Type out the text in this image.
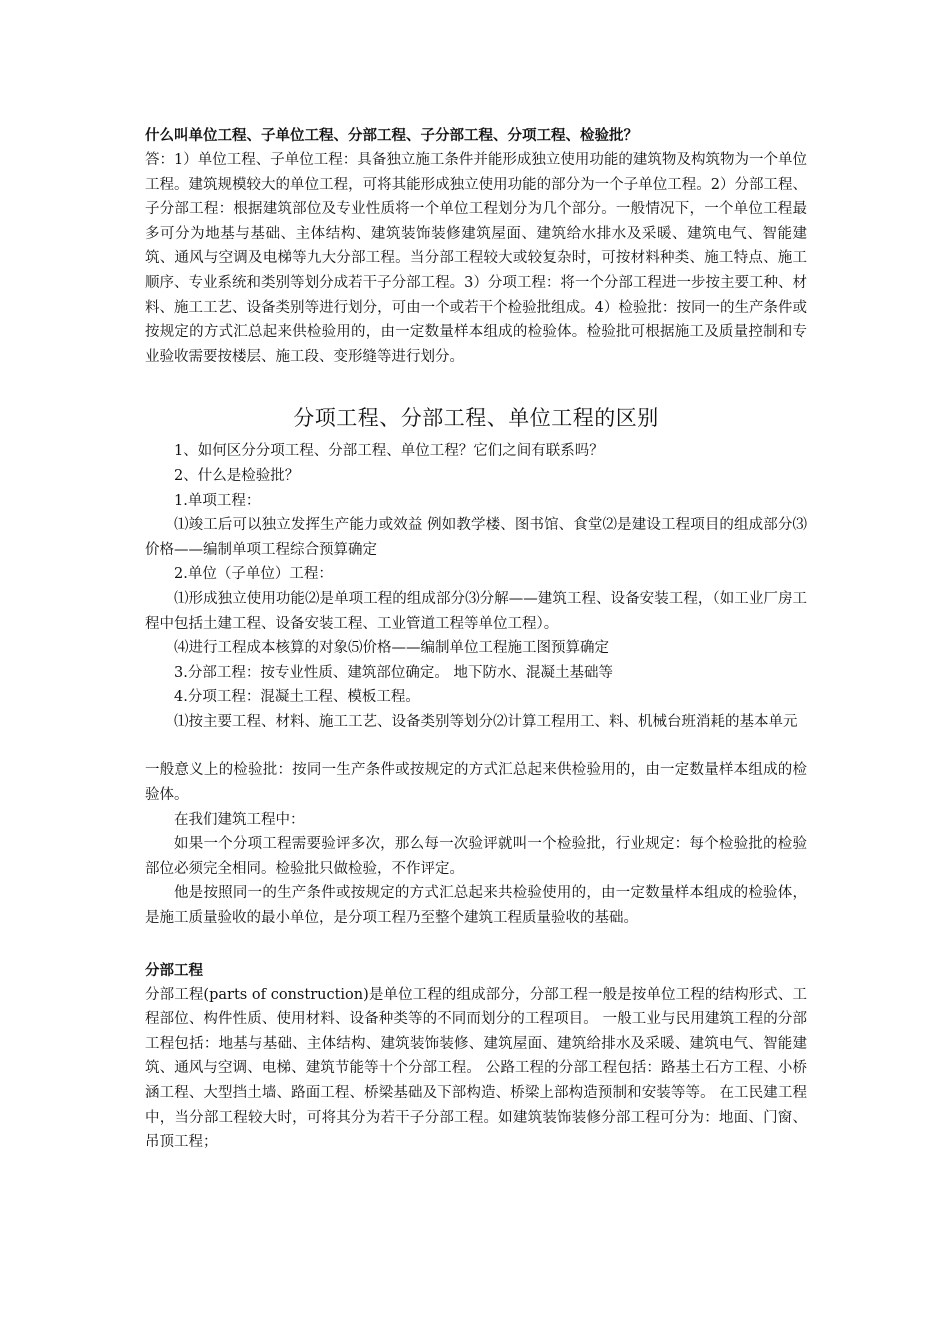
什么叫单位工程、子单位工程、分部工程、子分部工程、分项工程、检验批？

答：1）单位工程、子单位工程：具备独立施工条件并能形成独立使用功能的建筑物及构筑物为一个单位工程。建筑规模较大的单位工程，可将其能形成独立使用功能的部分为一个子单位工程。2）分部工程、子分部工程：根据建筑部位及专业性质将一个单位工程划分为几个部分。一般情况下，一个单位工程最多可分为地基与基础、主体结构、建筑装饰装修建筑屋面、建筑给水排水及采暖、建筑电气、智能建筑、通风与空调及电梯等九大分部工程。当分部工程较大或较复杂时，可按材料种类、施工特点、施工顺序、专业系统和类别等划分成若干子分部工程。3）分项工程：将一个分部工程进一步按主要工种、材料、施工工艺、设备类别等进行划分，可由一个或若干个检验批组成。4）检验批：按同一的生产条件或按规定的方式汇总起来供检验用的，由一定数量样本组成的检验体。检验批可根据施工及质量控制和专业验收需要按楼层、施工段、变形缝等进行划分。

分项工程、分部工程、单位工程的区别

1、如何区分分项工程、分部工程、单位工程？它们之间有联系吗？

2、什么是检验批？

1.单项工程：

⑴竣工后可以独立发挥生产能力或效益 例如教学楼、图书馆、食堂⑵是建设工程项目的组成部分⑶价格——编制单项工程综合预算确定

2.单位（子单位）工程：

⑴形成独立使用功能⑵是单项工程的组成部分⑶分解——建筑工程、设备安装工程，（如工业厂房工程中包括土建工程、设备安装工程、工业管道工程等单位工程）。

⑷进行工程成本核算的对象⑸价格——编制单位工程施工图预算确定

3.分部工程：按专业性质、建筑部位确定。 地下防水、混凝土基础等

4.分项工程：混凝土工程、模板工程。

⑴按主要工程、材料、施工工艺、设备类别等划分⑵计算工程用工、料、机械台班消耗的基本单元

一般意义上的检验批：按同一生产条件或按规定的方式汇总起来供检验用的，由一定数量样本组成的检验体。

在我们建筑工程中：

如果一个分项工程需要验评多次，那么每一次验评就叫一个检验批，行业规定：每个检验批的检验部位必须完全相同。检验批只做检验，不作评定。

他是按照同一的生产条件或按规定的方式汇总起来共检验使用的，由一定数量样本组成的检验体，是施工质量验收的最小单位，是分项工程乃至整个建筑工程质量验收的基础。

分部工程

分部工程(parts of construction)是单位工程的组成部分，分部工程一般是按单位工程的结构形式、工程部位、构件性质、使用材料、设备种类等的不同而划分的工程项目。 一般工业与民用建筑工程的分部工程包括：地基与基础、主体结构、建筑装饰装修、建筑屋面、建筑给排水及采暖、建筑电气、智能建筑、通风与空调、电梯、建筑节能等十个分部工程。 公路工程的分部工程包括：路基土石方工程、小桥涵工程、大型挡土墙、路面工程、桥梁基础及下部构造、桥梁上部构造预制和安装等等。 在工民建工程中，当分部工程较大时，可将其分为若干子分部工程。如建筑装饰装修分部工程可分为：地面、门窗、吊顶工程；
